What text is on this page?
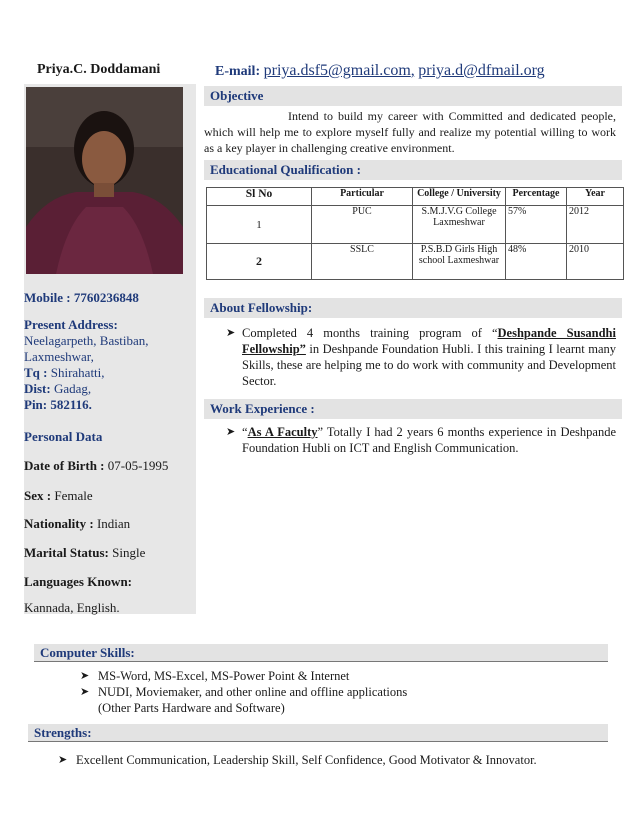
Priya.C. Doddamani	E-mail: priya.dsf5@gmail.com, priya.d@dfmail.org
Mobile : 7760236848
Present Address:
Neelagarpeth, Bastiban,
Laxmeshwar,
Tq : Shirahatti,
Dist: Gadag,
Pin: 582116.
Personal Data
Date of Birth : 07-05-1995
Sex : Female
Nationality : Indian
Marital Status: Single
Languages Known:
Kannada, English.
Objective
Intend to build my career with Committed and dedicated people, which will help me to explore myself fully and realize my potential willing to work as a key player in challenging creative environment.
Educational Qualification :
Sl No	Particular	College / University	Percentage	Year
1	PUC	S.M.J.V.G College Laxmeshwar	57%	2012
2	SSLC	P.S.B.D Girls High school Laxmeshwar	48%	2010
About Fellowship:
➤ Completed 4 months training program of “Deshpande Susandhi Fellowship” in Deshpande Foundation Hubli. I this training I learnt many Skills, these are helping me to do work with community and Development Sector.
Work Experience :
➤ “As A Faculty” Totally I had 2 years 6 months experience in Deshpande Foundation Hubli on ICT and English Communication.
Computer Skills:
➤ MS-Word, MS-Excel, MS-Power Point & Internet
➤ NUDI, Moviemaker, and other online and offline applications
(Other Parts Hardware and Software)
Strengths:
➤ Excellent Communication, Leadership Skill, Self Confidence, Good Motivator & Innovator.
